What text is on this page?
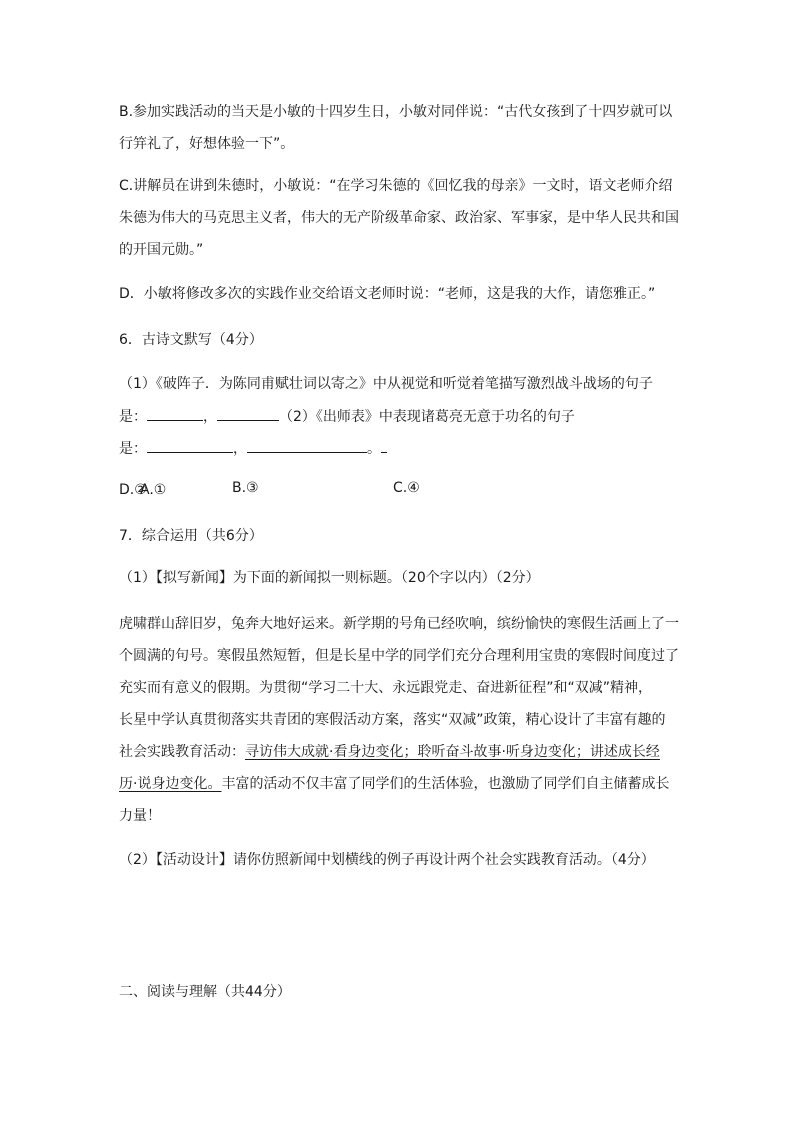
B.参加实践活动的当天是小敏的十四岁生日，小敏对同伴说：“古代女孩到了十四岁就可以
行笄礼了，好想体验一下”。
C.讲解员在讲到朱德时，小敏说：“在学习朱德的《回忆我的母亲》一文时，语文老师介绍
朱德为伟大的马克思主义者，伟大的无产阶级革命家、政治家、军事家，是中华人民共和国
的开国元勋。”
D．小敏将修改多次的实践作业交给语文老师时说：“老师，这是我的大作，请您雅正。”
6．古诗文默写（4分）
（1）《破阵子．为陈同甫赋壮词以寄之》中从视觉和听觉着笔描写激烈战斗战场的句子
是：	，	（2）《出师表》中表现诸葛亮无意于功名的句子
是：	，	。
D.②
A.①	B.③	C.④
7．综合运用（共6分）
（1）【拟写新闻】为下面的新闻拟一则标题。（20个字以内）（2分）
虎啸群山辞旧岁，兔奔大地好运来。新学期的号角已经吹响，缤纷愉快的寒假生活画上了一
个圆满的句号。寒假虽然短暂，但是长星中学的同学们充分合理利用宝贵的寒假时间度过了
充实而有意义的假期。为贯彻“学习二十大、永远跟党走、奋进新征程”和“双减”精神，
长星中学认真贯彻落实共青团的寒假活动方案，落实“双减”政策，精心设计了丰富有趣的
社会实践教育活动：寻访伟大成就·看身边变化；聆听奋斗故事·听身边变化；讲述成长经
历·说身边变化。丰富的活动不仅丰富了同学们的生活体验，也激励了同学们自主储蓄成长
力量！
（2）【活动设计】请你仿照新闻中划横线的例子再设计两个社会实践教育活动。（4分）
二、阅读与理解（共44分）
